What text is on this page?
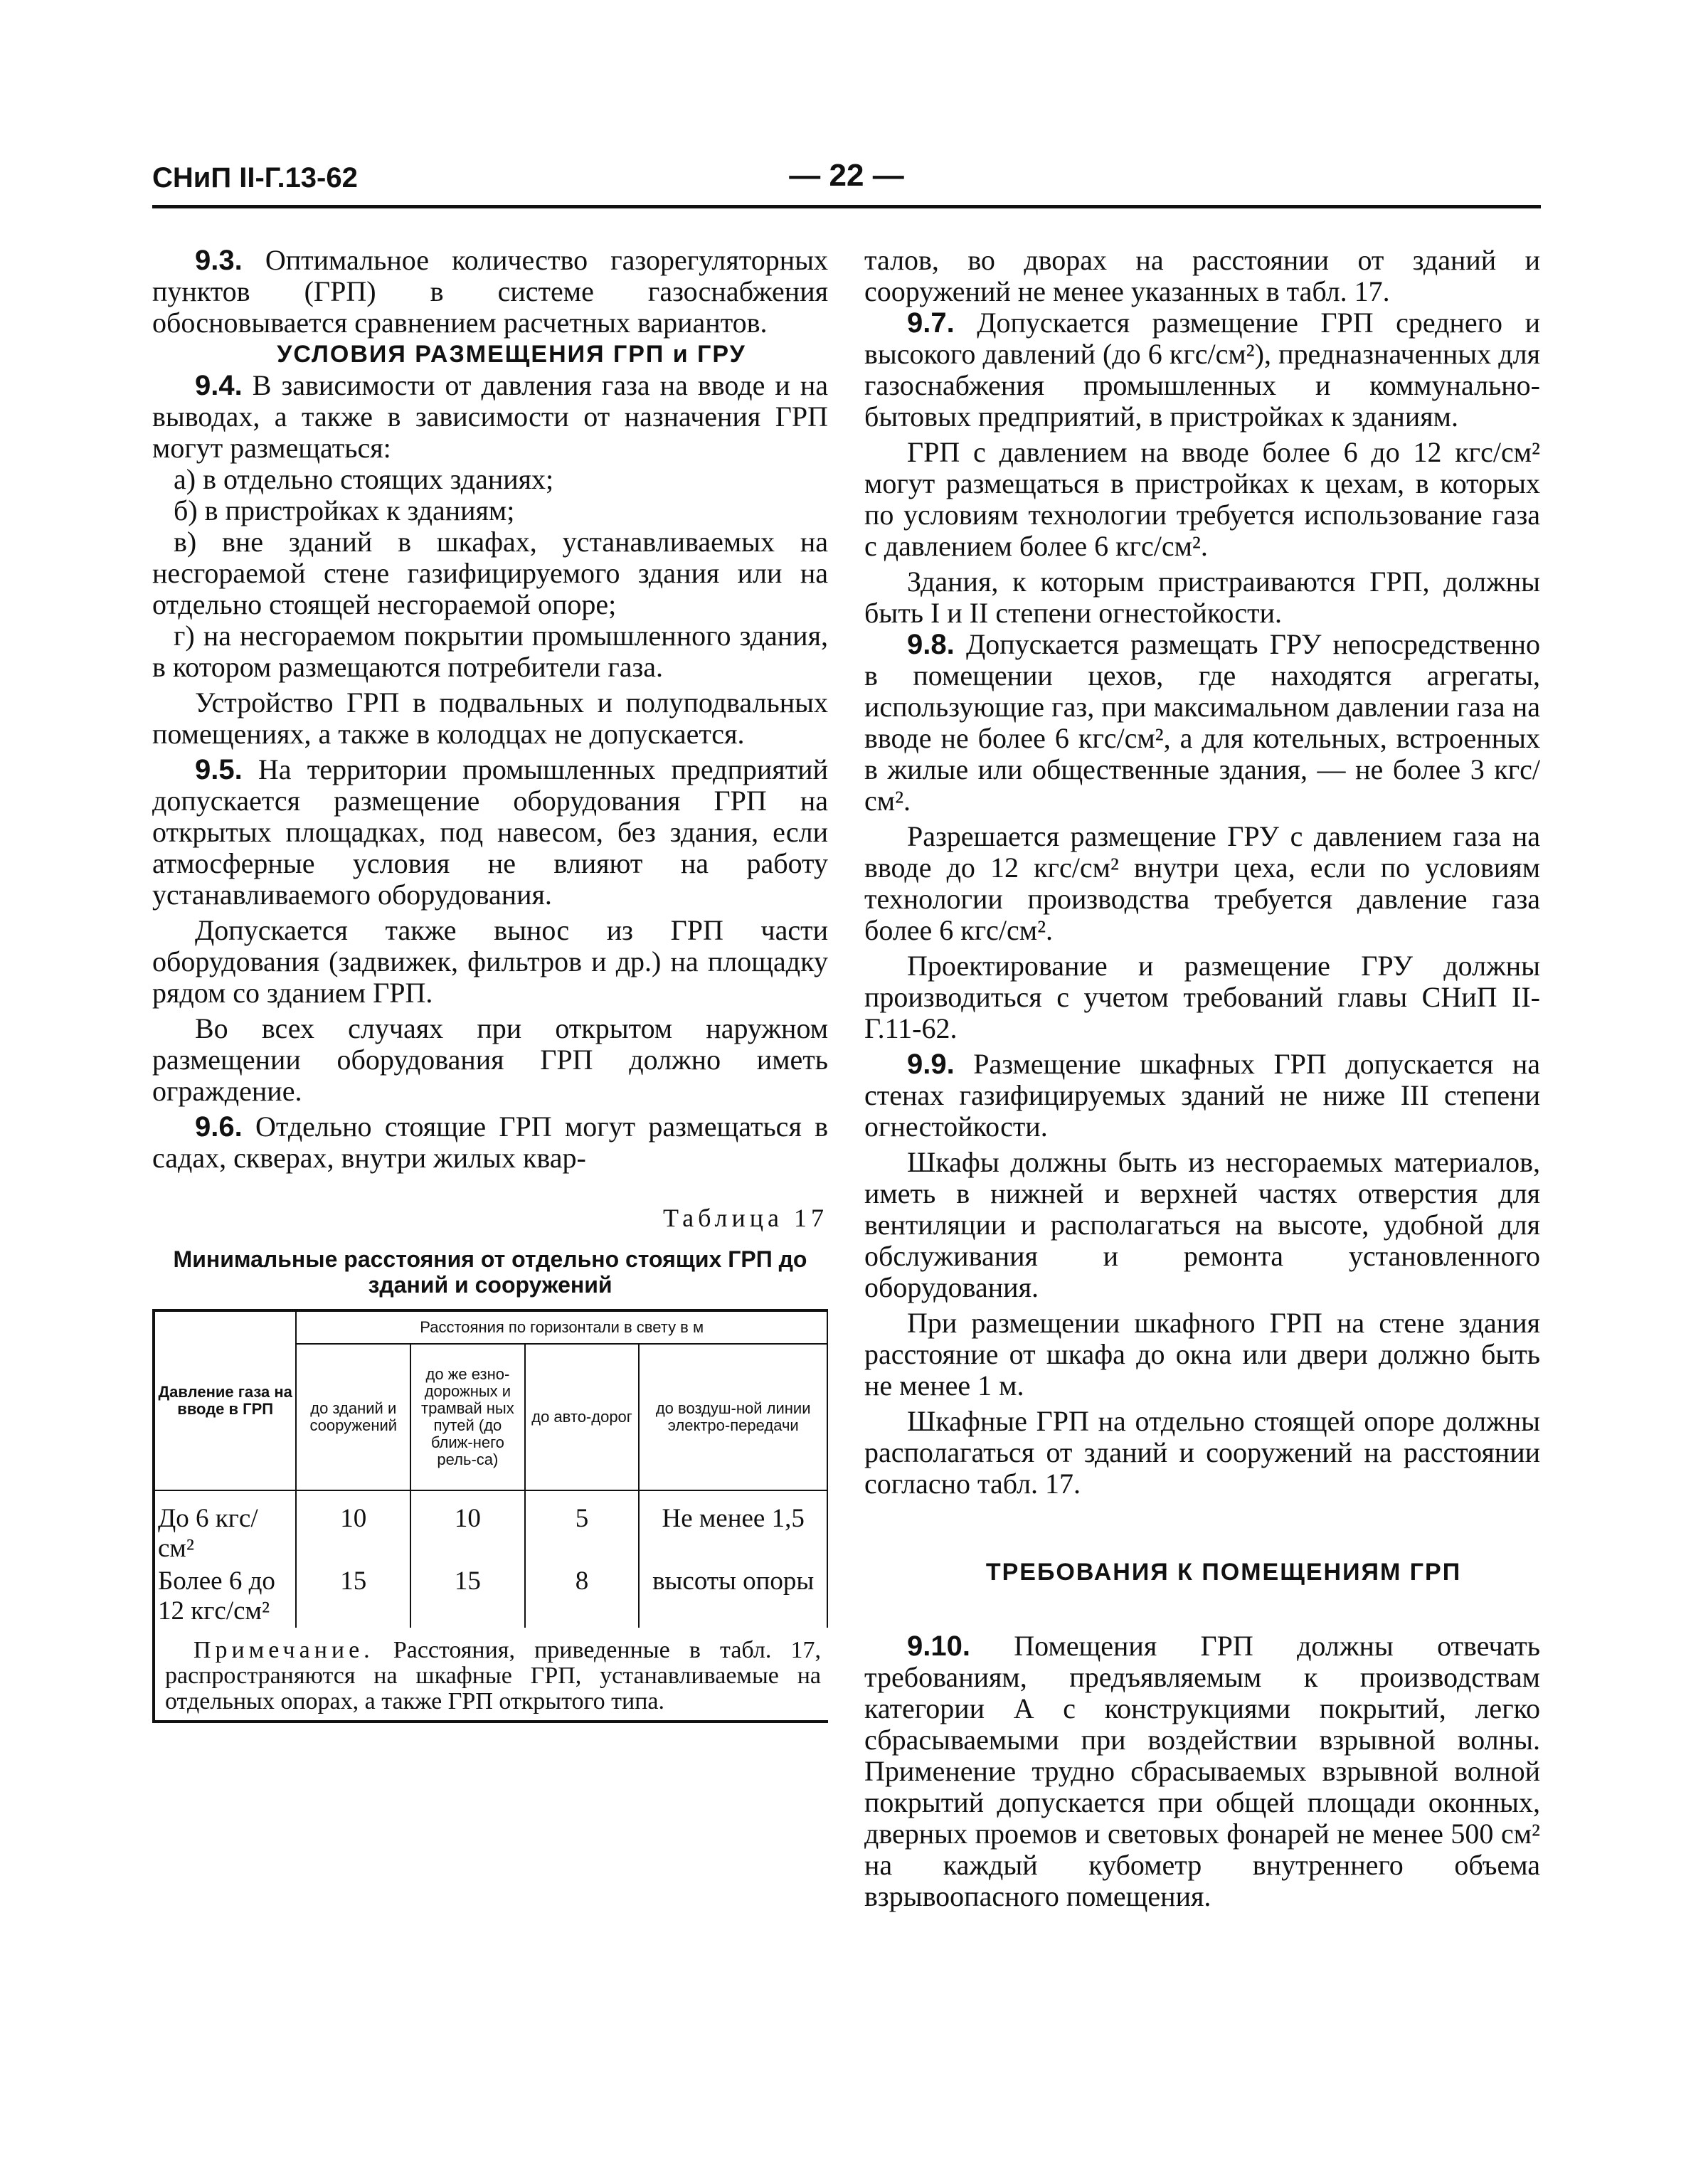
СНиП II-Г.13-62	— 22 —

9.3. Оптимальное количество газорегуляторных пунктов (ГРП) в системе газоснабжения обосновывается сравнением расчетных вариантов.

УСЛОВИЯ РАЗМЕЩЕНИЯ ГРП и ГРУ

9.4. В зависимости от давления газа на вводе и на выводах, а также в зависимости от назначения ГРП могут размещаться:

а) в отдельно стоящих зданиях;

б) в пристройках к зданиям;

в) вне зданий в шкафах, устанавливаемых на несгораемой стене газифицируемого здания или на отдельно стоящей несгораемой опоре;

г) на несгораемом покрытии промышленного здания, в котором размещаются потребители газа.

Устройство ГРП в подвальных и полуподвальных помещениях, а также в колодцах не допускается.

9.5. На территории промышленных предприятий допускается размещение оборудования ГРП на открытых площадках, под навесом, без здания, если атмосферные условия не влияют на работу устанавливаемого оборудования.

Допускается также вынос из ГРП части оборудования (задвижек, фильтров и др.) на площадку рядом со зданием ГРП.

Во всех случаях при открытом наружном размещении оборудования ГРП должно иметь ограждение.

9.6. Отдельно стоящие ГРП могут размещаться в садах, скверах, внутри жилых квар-

Таблица 17
Минимальные расстояния от отдельно стоящих ГРП до зданий и сооружений
Давление газа на вводе в ГРП	Расстояния по горизонтали в свету в м			
	до зданий и сооружений	до же езно-дорожных и трамвай ных путей (до ближ-него рель-са)	до авто-дорог	до воздуш-ной линии электро-передачи
До 6 кгс/см²	10	10	5	Не менее 1,5
Более 6 до 12 кгс/см²	15	15	8	высоты опоры
Примечание. Расстояния, приведенные в табл. 17, распространяются на шкафные ГРП, устанавливаемые на отдельных опорах, а также ГРП открытого типа.

талов, во дворах на расстоянии от зданий и сооружений не менее указанных в табл. 17.

9.7. Допускается размещение ГРП среднего и высокого давлений (до 6 кгс/см²), предназначенных для газоснабжения промышленных и коммунально-бытовых предприятий, в пристройках к зданиям.

ГРП с давлением на вводе более 6 до 12 кгс/см² могут размещаться в пристройках к цехам, в которых по условиям технологии требуется использование газа с давлением более 6 кгс/см².

Здания, к которым пристраиваются ГРП, должны быть I и II степени огнестойкости.

9.8. Допускается размещать ГРУ непосредственно в помещении цехов, где находятся агрегаты, использующие газ, при максимальном давлении газа на вводе не более 6 кгс/см², а для котельных, встроенных в жилые или общественные здания, — не более 3 кгс/см².

Разрешается размещение ГРУ с давлением газа на вводе до 12 кгс/см² внутри цеха, если по условиям технологии производства требуется давление газа более 6 кгс/см².

Проектирование и размещение ГРУ должны производиться с учетом требований главы СНиП II-Г.11-62.

9.9. Размещение шкафных ГРП допускается на стенах газифицируемых зданий не ниже III степени огнестойкости.

Шкафы должны быть из несгораемых материалов, иметь в нижней и верхней частях отверстия для вентиляции и располагаться на высоте, удобной для обслуживания и ремонта установленного оборудования.

При размещении шкафного ГРП на стене здания расстояние от шкафа до окна или двери должно быть не менее 1 м.

Шкафные ГРП на отдельно стоящей опоре должны располагаться от зданий и сооружений на расстоянии согласно табл. 17.

ТРЕБОВАНИЯ К ПОМЕЩЕНИЯМ ГРП

9.10. Помещения ГРП должны отвечать требованиям, предъявляемым к производствам категории А с конструкциями покрытий, легко сбрасываемыми при воздействии взрывной волны. Применение трудно сбрасываемых взрывной волной покрытий допускается при общей площади оконных, дверных проемов и световых фонарей не менее 500 см² на каждый кубометр внутреннего объема взрывоопасного помещения.
